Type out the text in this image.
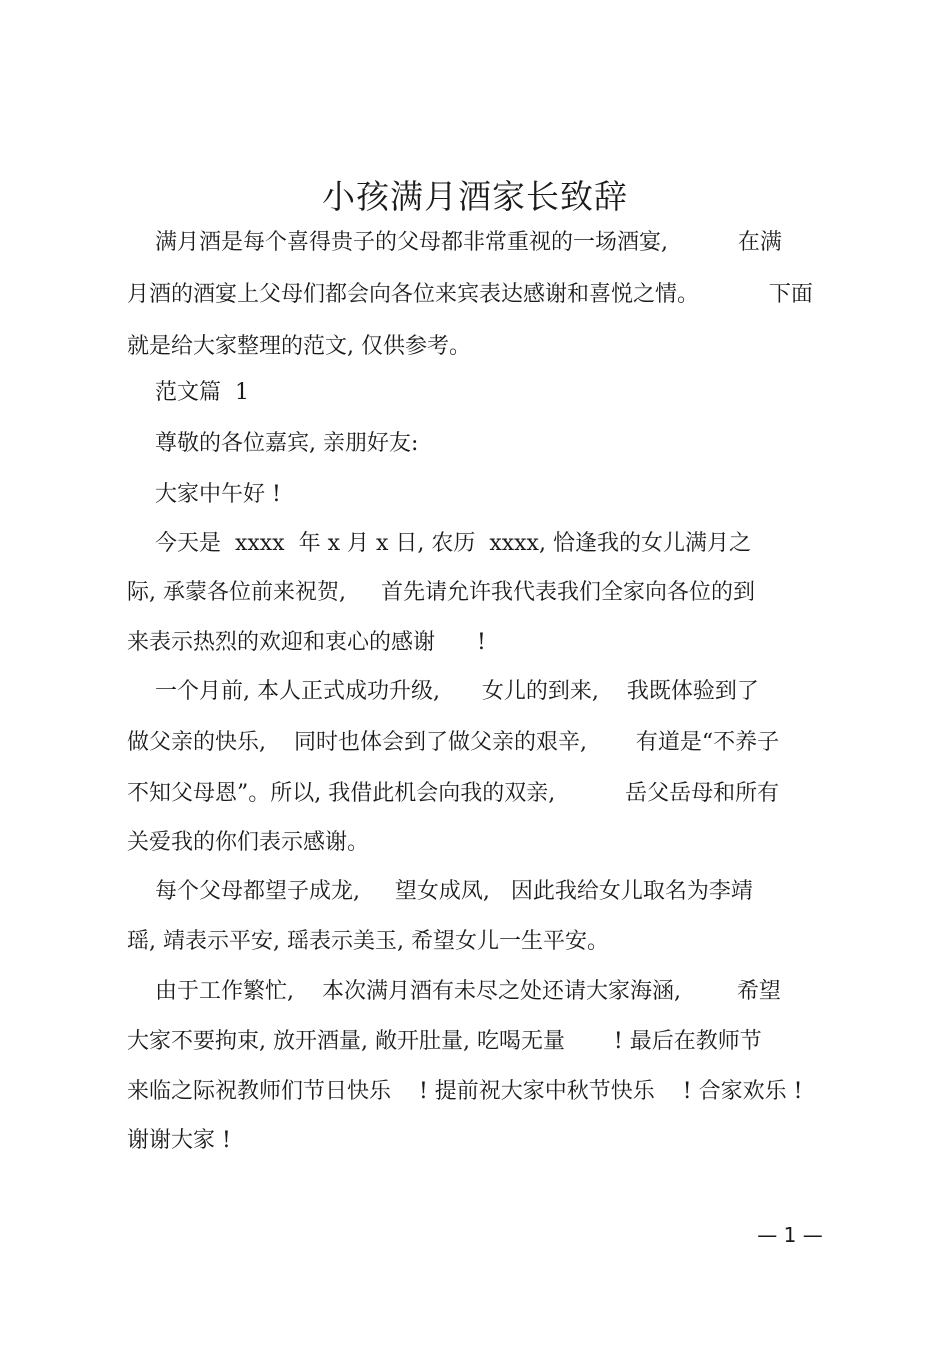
小孩满月酒家长致辞
满月酒是每个喜得贵子的父母都非常重视的一场酒宴,          在满
月酒的酒宴上父母们都会向各位来宾表达感谢和喜悦之情。          下面
就是给大家整理的范文, 仅供参考。
范文篇  1
尊敬的各位嘉宾, 亲朋好友:
大家中午好 !
今天是  xxxx  年 x 月 x 日, 农历  xxxx, 恰逢我的女儿满月之
际, 承蒙各位前来祝贺,     首先请允许我代表我们全家向各位的到
来表示热烈的欢迎和衷心的感谢      !
一个月前, 本人正式成功升级,      女儿的到来,    我既体验到了
做父亲的快乐,    同时也体会到了做父亲的艰辛,       有道是“不养子
不知父母恩”。所以, 我借此机会向我的双亲,          岳父岳母和所有
关爱我的你们表示感谢。
每个父母都望子成龙,     望女成凤,   因此我给女儿取名为李靖
瑶, 靖表示平安, 瑶表示美玉, 希望女儿一生平安。
由于工作繁忙,    本次满月酒有未尽之处还请大家海涵,        希望
大家不要拘束, 放开酒量, 敞开肚量, 吃喝无量       ! 最后在教师节
来临之际祝教师们节日快乐    ! 提前祝大家中秋节快乐    ! 合家欢乐 !
谢谢大家 !
— 1 —
